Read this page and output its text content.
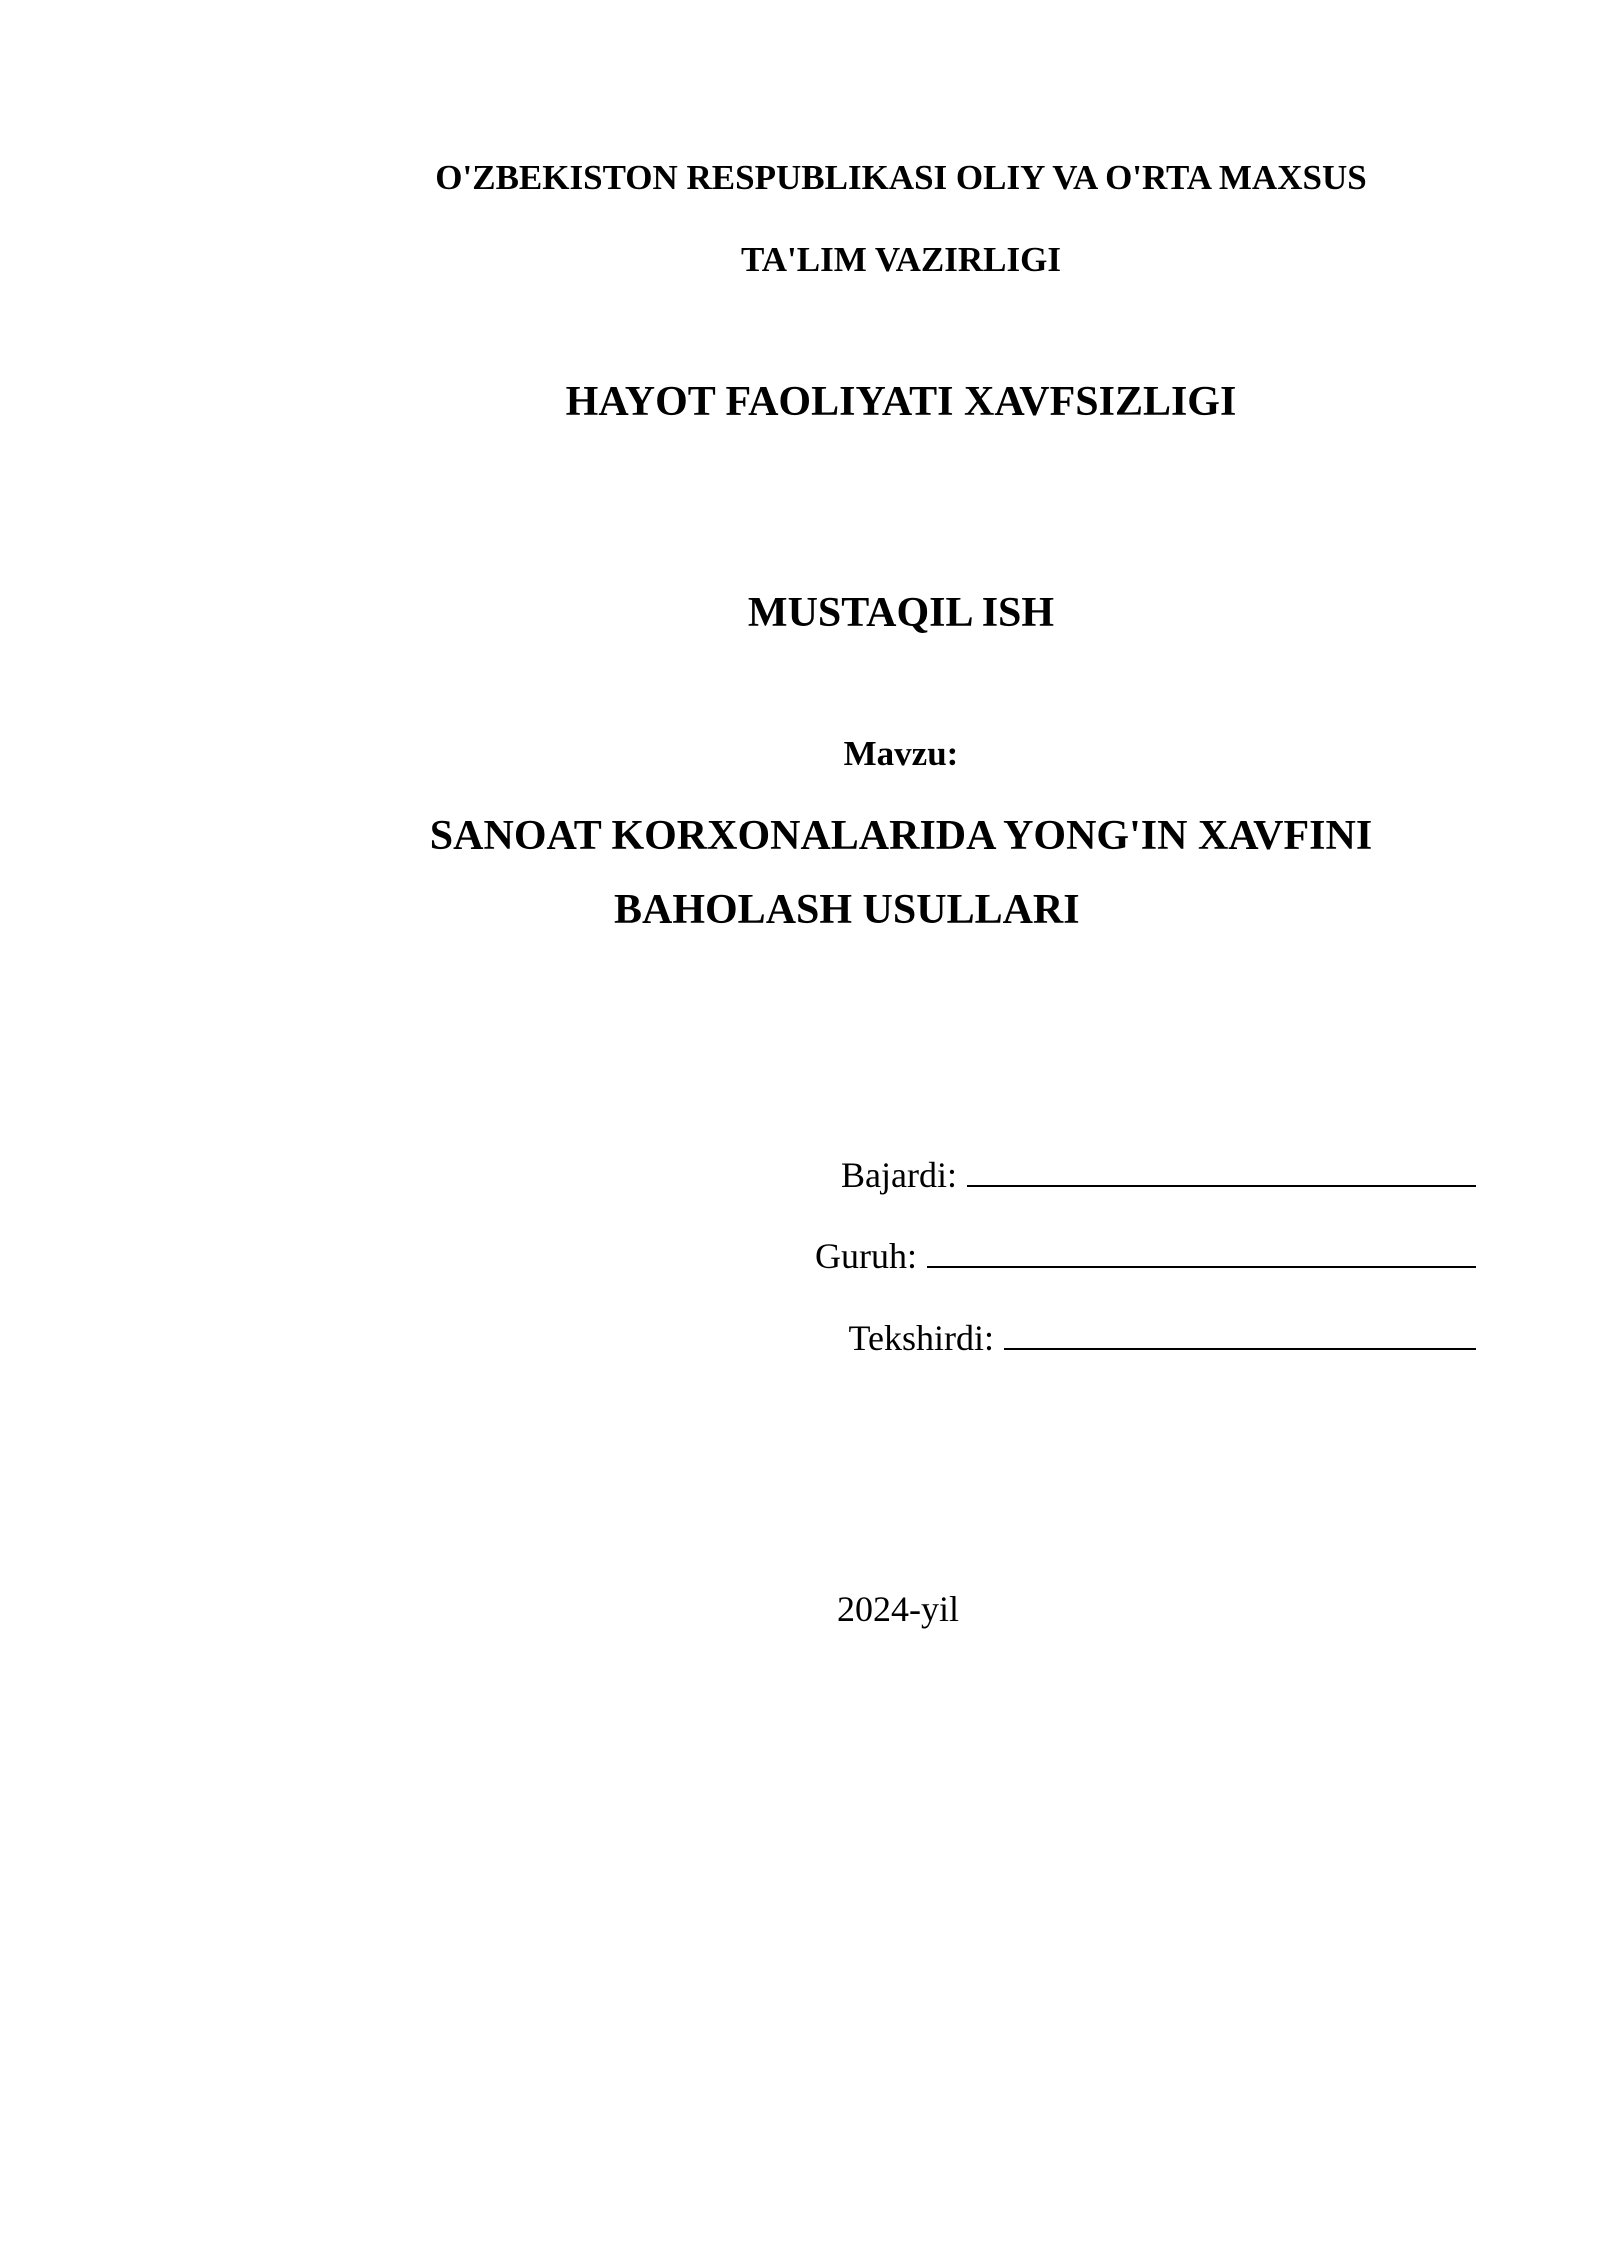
O'ZBEKISTON RESPUBLIKASI OLIY VA O'RTA MAXSUS

TA'LIM VAZIRLIGI

HAYOT FAOLIYATI XAVFSIZLIGI

MUSTAQIL ISH

Mavzu:

SANOAT KORXONALARIDA YONG'IN XAVFINI

BAHOLASH USULLARI

Bajardi:
Guruh:
Tekshirdi:

2024-yil
